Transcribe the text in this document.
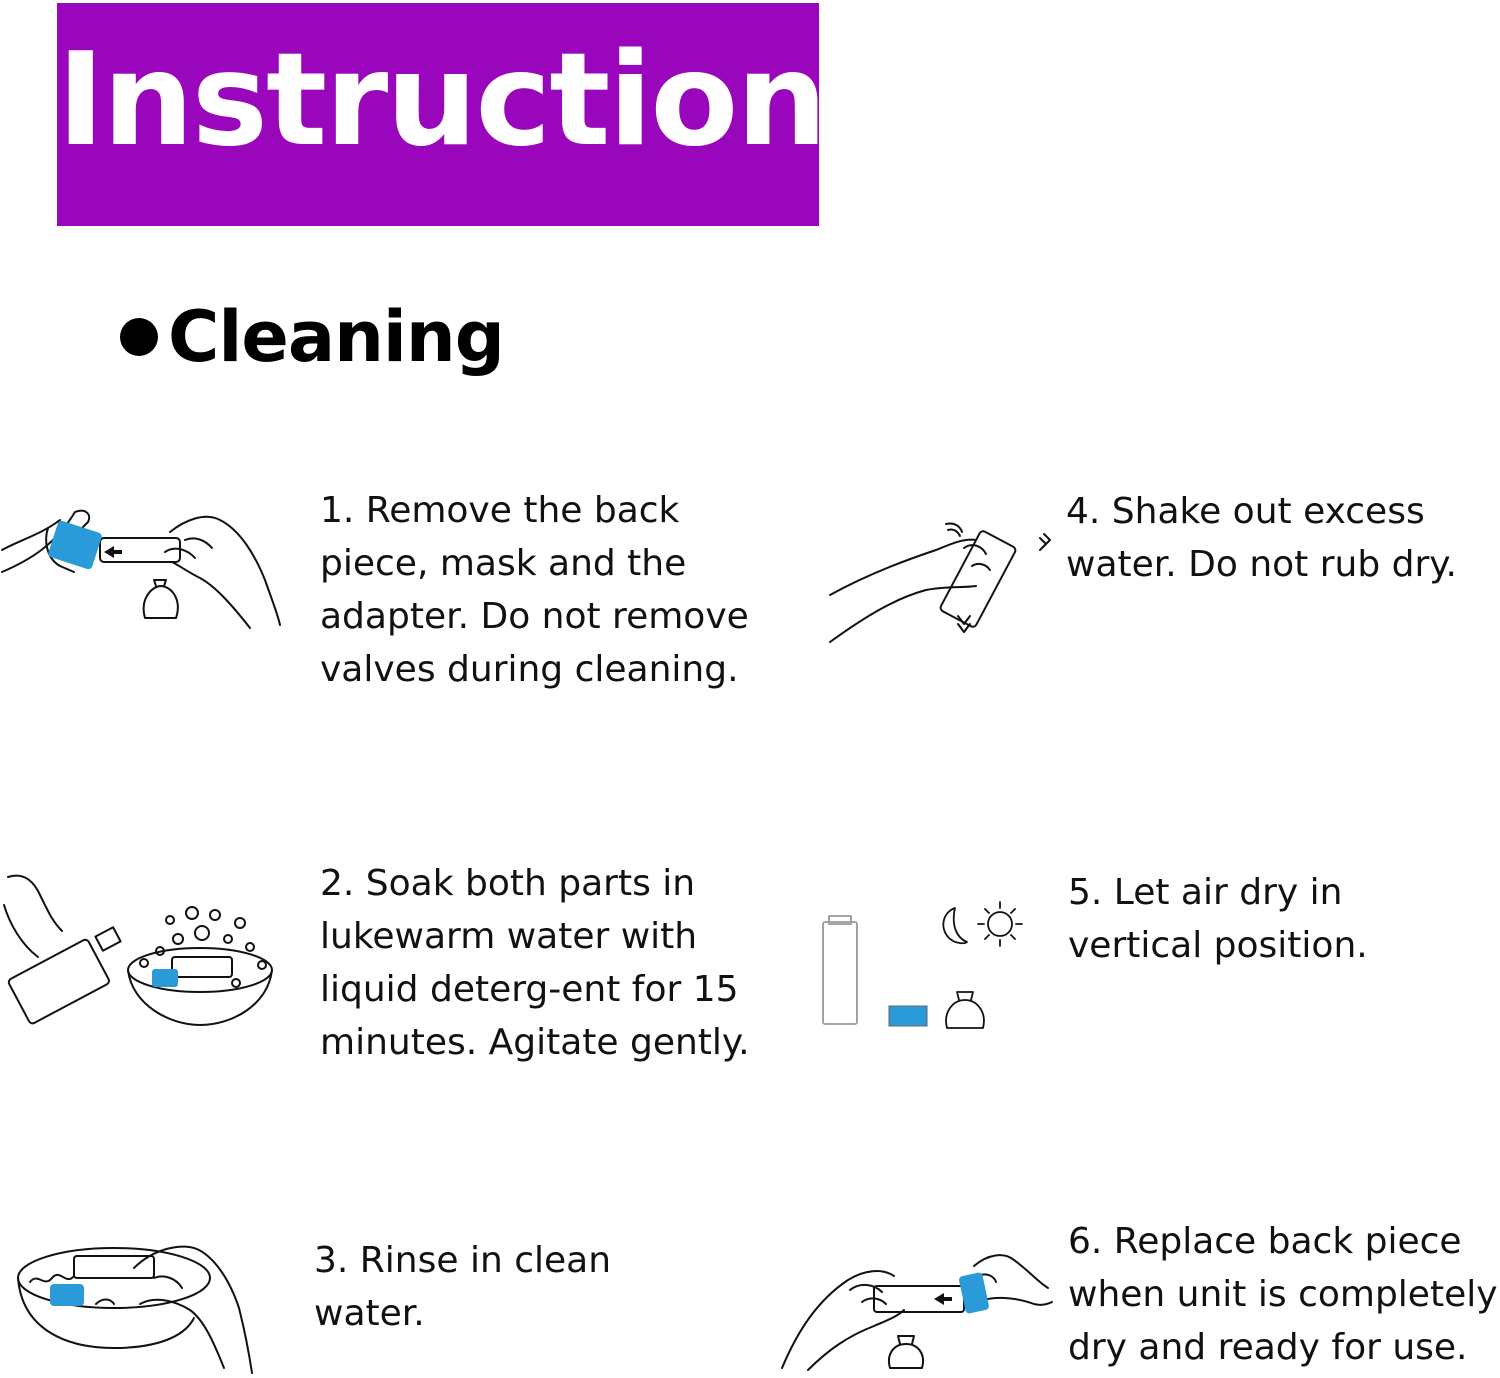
Instruction
Cleaning
1. Remove the back piece, mask and the adapter. Do not remove valves during cleaning.
2. Soak both parts in lukewarm water with liquid deterg-ent for 15 minutes. Agitate gently.
3. Rinse in clean water.
4. Shake out excess water. Do not rub dry.
5. Let air dry in vertical position.
6. Replace back piece when unit is completely dry and ready for use.
